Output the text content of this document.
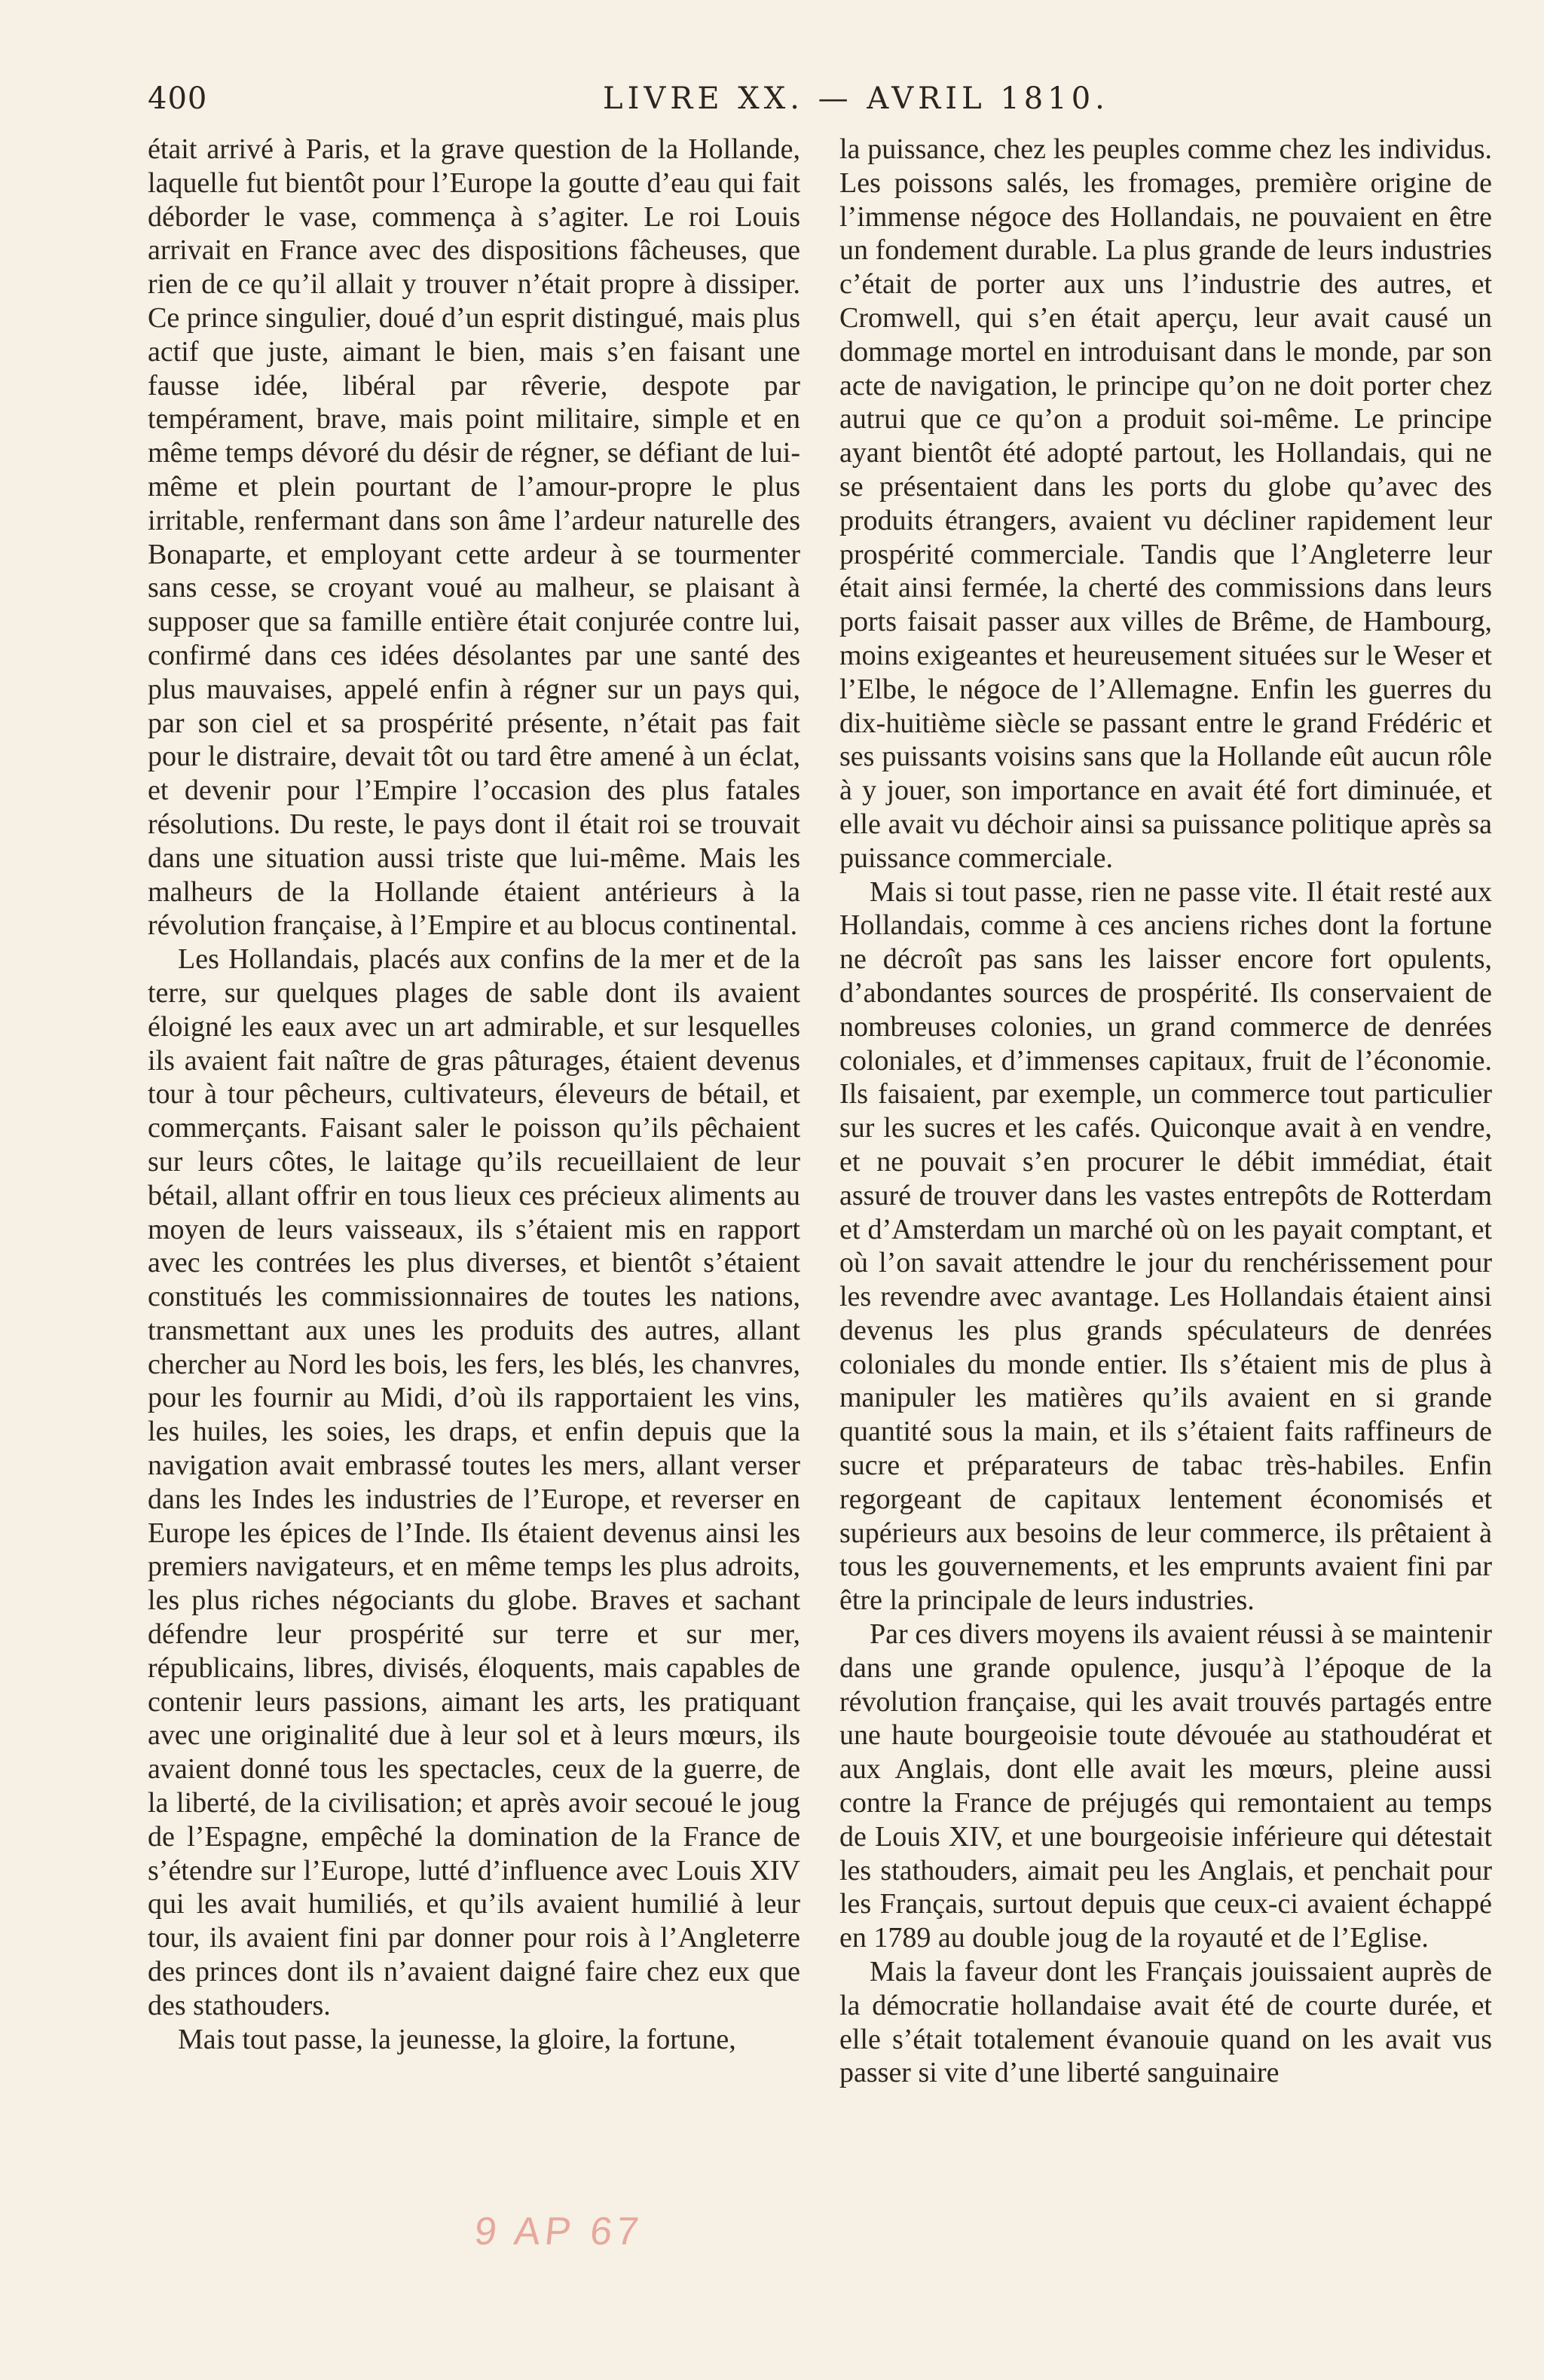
400	LIVRE XX. — AVRIL 1810.

était arrivé à Paris, et la grave question de la Hollande, laquelle fut bientôt pour l’Europe la goutte d’eau qui fait déborder le vase, commença à s’agiter. Le roi Louis arrivait en France avec des dispositions fâcheuses, que rien de ce qu’il allait y trouver n’était propre à dissiper. Ce prince singulier, doué d’un esprit distingué, mais plus actif que juste, aimant le bien, mais s’en faisant une fausse idée, libéral par rêverie, despote par tempérament, brave, mais point militaire, simple et en même temps dévoré du désir de régner, se défiant de lui-même et plein pourtant de l’amour-propre le plus irritable, renfermant dans son âme l’ardeur naturelle des Bonaparte, et employant cette ardeur à se tourmenter sans cesse, se croyant voué au malheur, se plaisant à supposer que sa famille entière était conjurée contre lui, confirmé dans ces idées désolantes par une santé des plus mauvaises, appelé enfin à régner sur un pays qui, par son ciel et sa prospérité présente, n’était pas fait pour le distraire, devait tôt ou tard être amené à un éclat, et devenir pour l’Empire l’occasion des plus fatales résolutions. Du reste, le pays dont il était roi se trouvait dans une situation aussi triste que lui-même. Mais les malheurs de la Hollande étaient antérieurs à la révolution française, à l’Empire et au blocus continental.

Les Hollandais, placés aux confins de la mer et de la terre, sur quelques plages de sable dont ils avaient éloigné les eaux avec un art admirable, et sur lesquelles ils avaient fait naître de gras pâturages, étaient devenus tour à tour pêcheurs, cultivateurs, éleveurs de bétail, et commerçants. Faisant saler le poisson qu’ils pêchaient sur leurs côtes, le laitage qu’ils recueillaient de leur bétail, allant offrir en tous lieux ces précieux aliments au moyen de leurs vaisseaux, ils s’étaient mis en rapport avec les contrées les plus diverses, et bientôt s’étaient constitués les commissionnaires de toutes les nations, transmettant aux unes les produits des autres, allant chercher au Nord les bois, les fers, les blés, les chanvres, pour les fournir au Midi, d’où ils rapportaient les vins, les huiles, les soies, les draps, et enfin depuis que la navigation avait embrassé toutes les mers, allant verser dans les Indes les industries de l’Europe, et reverser en Europe les épices de l’Inde. Ils étaient devenus ainsi les premiers navigateurs, et en même temps les plus adroits, les plus riches négociants du globe. Braves et sachant défendre leur prospérité sur terre et sur mer, républicains, libres, divisés, éloquents, mais capables de contenir leurs passions, aimant les arts, les pratiquant avec une originalité due à leur sol et à leurs mœurs, ils avaient donné tous les spectacles, ceux de la guerre, de la liberté, de la civilisation; et après avoir secoué le joug de l’Espagne, empêché la domination de la France de s’étendre sur l’Europe, lutté d’influence avec Louis XIV qui les avait humiliés, et qu’ils avaient humilié à leur tour, ils avaient fini par donner pour rois à l’Angleterre des princes dont ils n’avaient daigné faire chez eux que des stathouders.

Mais tout passe, la jeunesse, la gloire, la fortune,

la puissance, chez les peuples comme chez les individus. Les poissons salés, les fromages, première origine de l’immense négoce des Hollandais, ne pouvaient en être un fondement durable. La plus grande de leurs industries c’était de porter aux uns l’industrie des autres, et Cromwell, qui s’en était aperçu, leur avait causé un dommage mortel en introduisant dans le monde, par son acte de navigation, le principe qu’on ne doit porter chez autrui que ce qu’on a produit soi-même. Le principe ayant bientôt été adopté partout, les Hollandais, qui ne se présentaient dans les ports du globe qu’avec des produits étrangers, avaient vu décliner rapidement leur prospérité commerciale. Tandis que l’Angleterre leur était ainsi fermée, la cherté des commissions dans leurs ports faisait passer aux villes de Brême, de Hambourg, moins exigeantes et heureusement situées sur le Weser et l’Elbe, le négoce de l’Allemagne. Enfin les guerres du dix-huitième siècle se passant entre le grand Frédéric et ses puissants voisins sans que la Hollande eût aucun rôle à y jouer, son importance en avait été fort diminuée, et elle avait vu déchoir ainsi sa puissance politique après sa puissance commerciale.

Mais si tout passe, rien ne passe vite. Il était resté aux Hollandais, comme à ces anciens riches dont la fortune ne décroît pas sans les laisser encore fort opulents, d’abondantes sources de prospérité. Ils conservaient de nombreuses colonies, un grand commerce de denrées coloniales, et d’immenses capitaux, fruit de l’économie. Ils faisaient, par exemple, un commerce tout particulier sur les sucres et les cafés. Quiconque avait à en vendre, et ne pouvait s’en procurer le débit immédiat, était assuré de trouver dans les vastes entrepôts de Rotterdam et d’Amsterdam un marché où on les payait comptant, et où l’on savait attendre le jour du renchérissement pour les revendre avec avantage. Les Hollandais étaient ainsi devenus les plus grands spéculateurs de denrées coloniales du monde entier. Ils s’étaient mis de plus à manipuler les matières qu’ils avaient en si grande quantité sous la main, et ils s’étaient faits raffineurs de sucre et préparateurs de tabac très-habiles. Enfin regorgeant de capitaux lentement économisés et supérieurs aux besoins de leur commerce, ils prêtaient à tous les gouvernements, et les emprunts avaient fini par être la principale de leurs industries.

Par ces divers moyens ils avaient réussi à se maintenir dans une grande opulence, jusqu’à l’époque de la révolution française, qui les avait trouvés partagés entre une haute bourgeoisie toute dévouée au stathoudérat et aux Anglais, dont elle avait les mœurs, pleine aussi contre la France de préjugés qui remontaient au temps de Louis XIV, et une bourgeoisie inférieure qui détestait les stathouders, aimait peu les Anglais, et penchait pour les Français, surtout depuis que ceux-ci avaient échappé en 1789 au double joug de la royauté et de l’Eglise.

Mais la faveur dont les Français jouissaient auprès de la démocratie hollandaise avait été de courte durée, et elle s’était totalement évanouie quand on les avait vus passer si vite d’une liberté sanguinaire

9 AP 67
